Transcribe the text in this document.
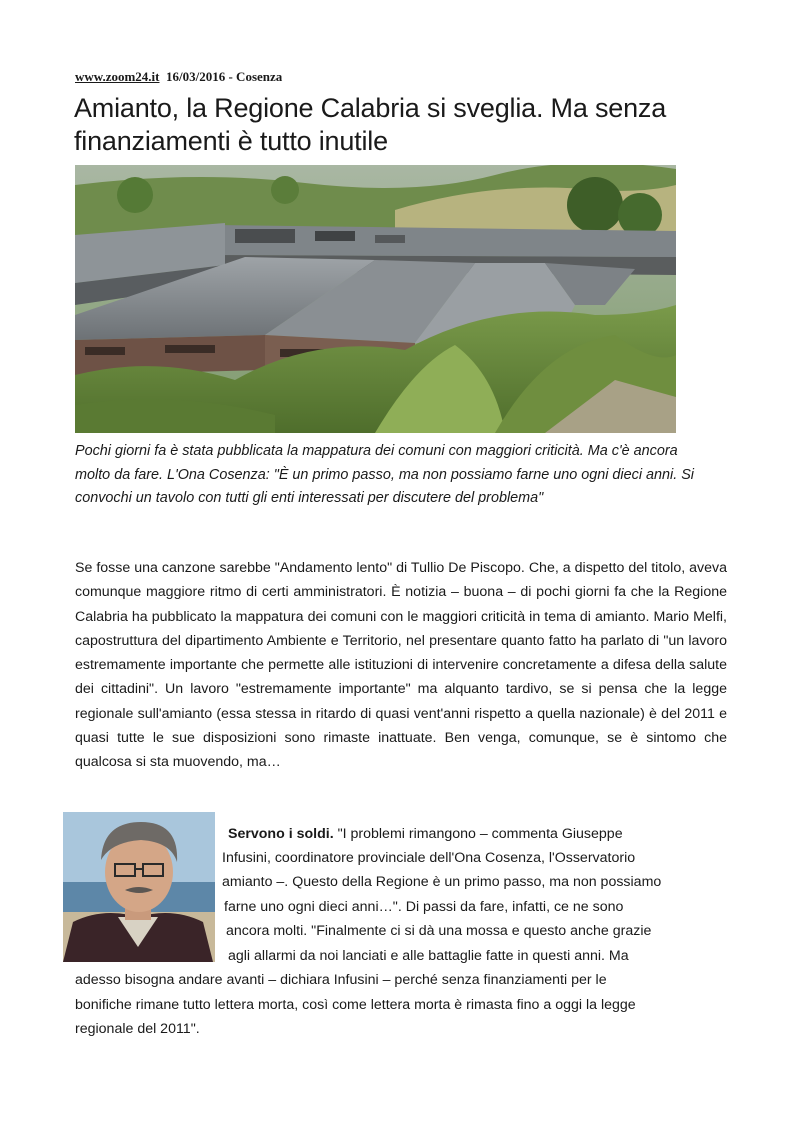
www.zoom24.it 16/03/2016 - Cosenza
Amianto, la Regione Calabria si sveglia. Ma senza finanziamenti è tutto inutile
Pochi giorni fa è stata pubblicata la mappatura dei comuni con maggiori criticità. Ma c'è ancora molto da fare. L'Ona Cosenza: "È un primo passo, ma non possiamo farne uno ogni dieci anni. Si convochi un tavolo con tutti gli enti interessati per discutere del problema"
Se fosse una canzone sarebbe "Andamento lento" di Tullio De Piscopo. Che, a dispetto del titolo, aveva comunque maggiore ritmo di certi amministratori. È notizia – buona – di pochi giorni fa che la Regione Calabria ha pubblicato la mappatura dei comuni con le maggiori criticità in tema di amianto. Mario Melfi, capostruttura del dipartimento Ambiente e Territorio, nel presentare quanto fatto ha parlato di "un lavoro estremamente importante che permette alle istituzioni di intervenire concretamente a difesa della salute dei cittadini". Un lavoro "estremamente importante" ma alquanto tardivo, se si pensa che la legge regionale sull'amianto (essa stessa in ritardo di quasi vent'anni rispetto a quella nazionale) è del 2011 e quasi tutte le sue disposizioni sono rimaste inattuate. Ben venga, comunque, se è sintomo che qualcosa si sta muovendo, ma…
Servono i soldi. "I problemi rimangono – commenta Giuseppe
Infusini, coordinatore provinciale dell'Ona Cosenza, l'Osservatorio
amianto –. Questo della Regione è un primo passo, ma non possiamo
farne uno ogni dieci anni…". Di passi da fare, infatti, ce ne sono
ancora molti. "Finalmente ci si dà una mossa e questo anche grazie
agli allarmi da noi lanciati e alle battaglie fatte in questi anni. Ma
adesso bisogna andare avanti – dichiara Infusini – perché senza finanziamenti per le
bonifiche rimane tutto lettera morta, così come lettera morta è rimasta fino a oggi la legge
regionale del 2011".
